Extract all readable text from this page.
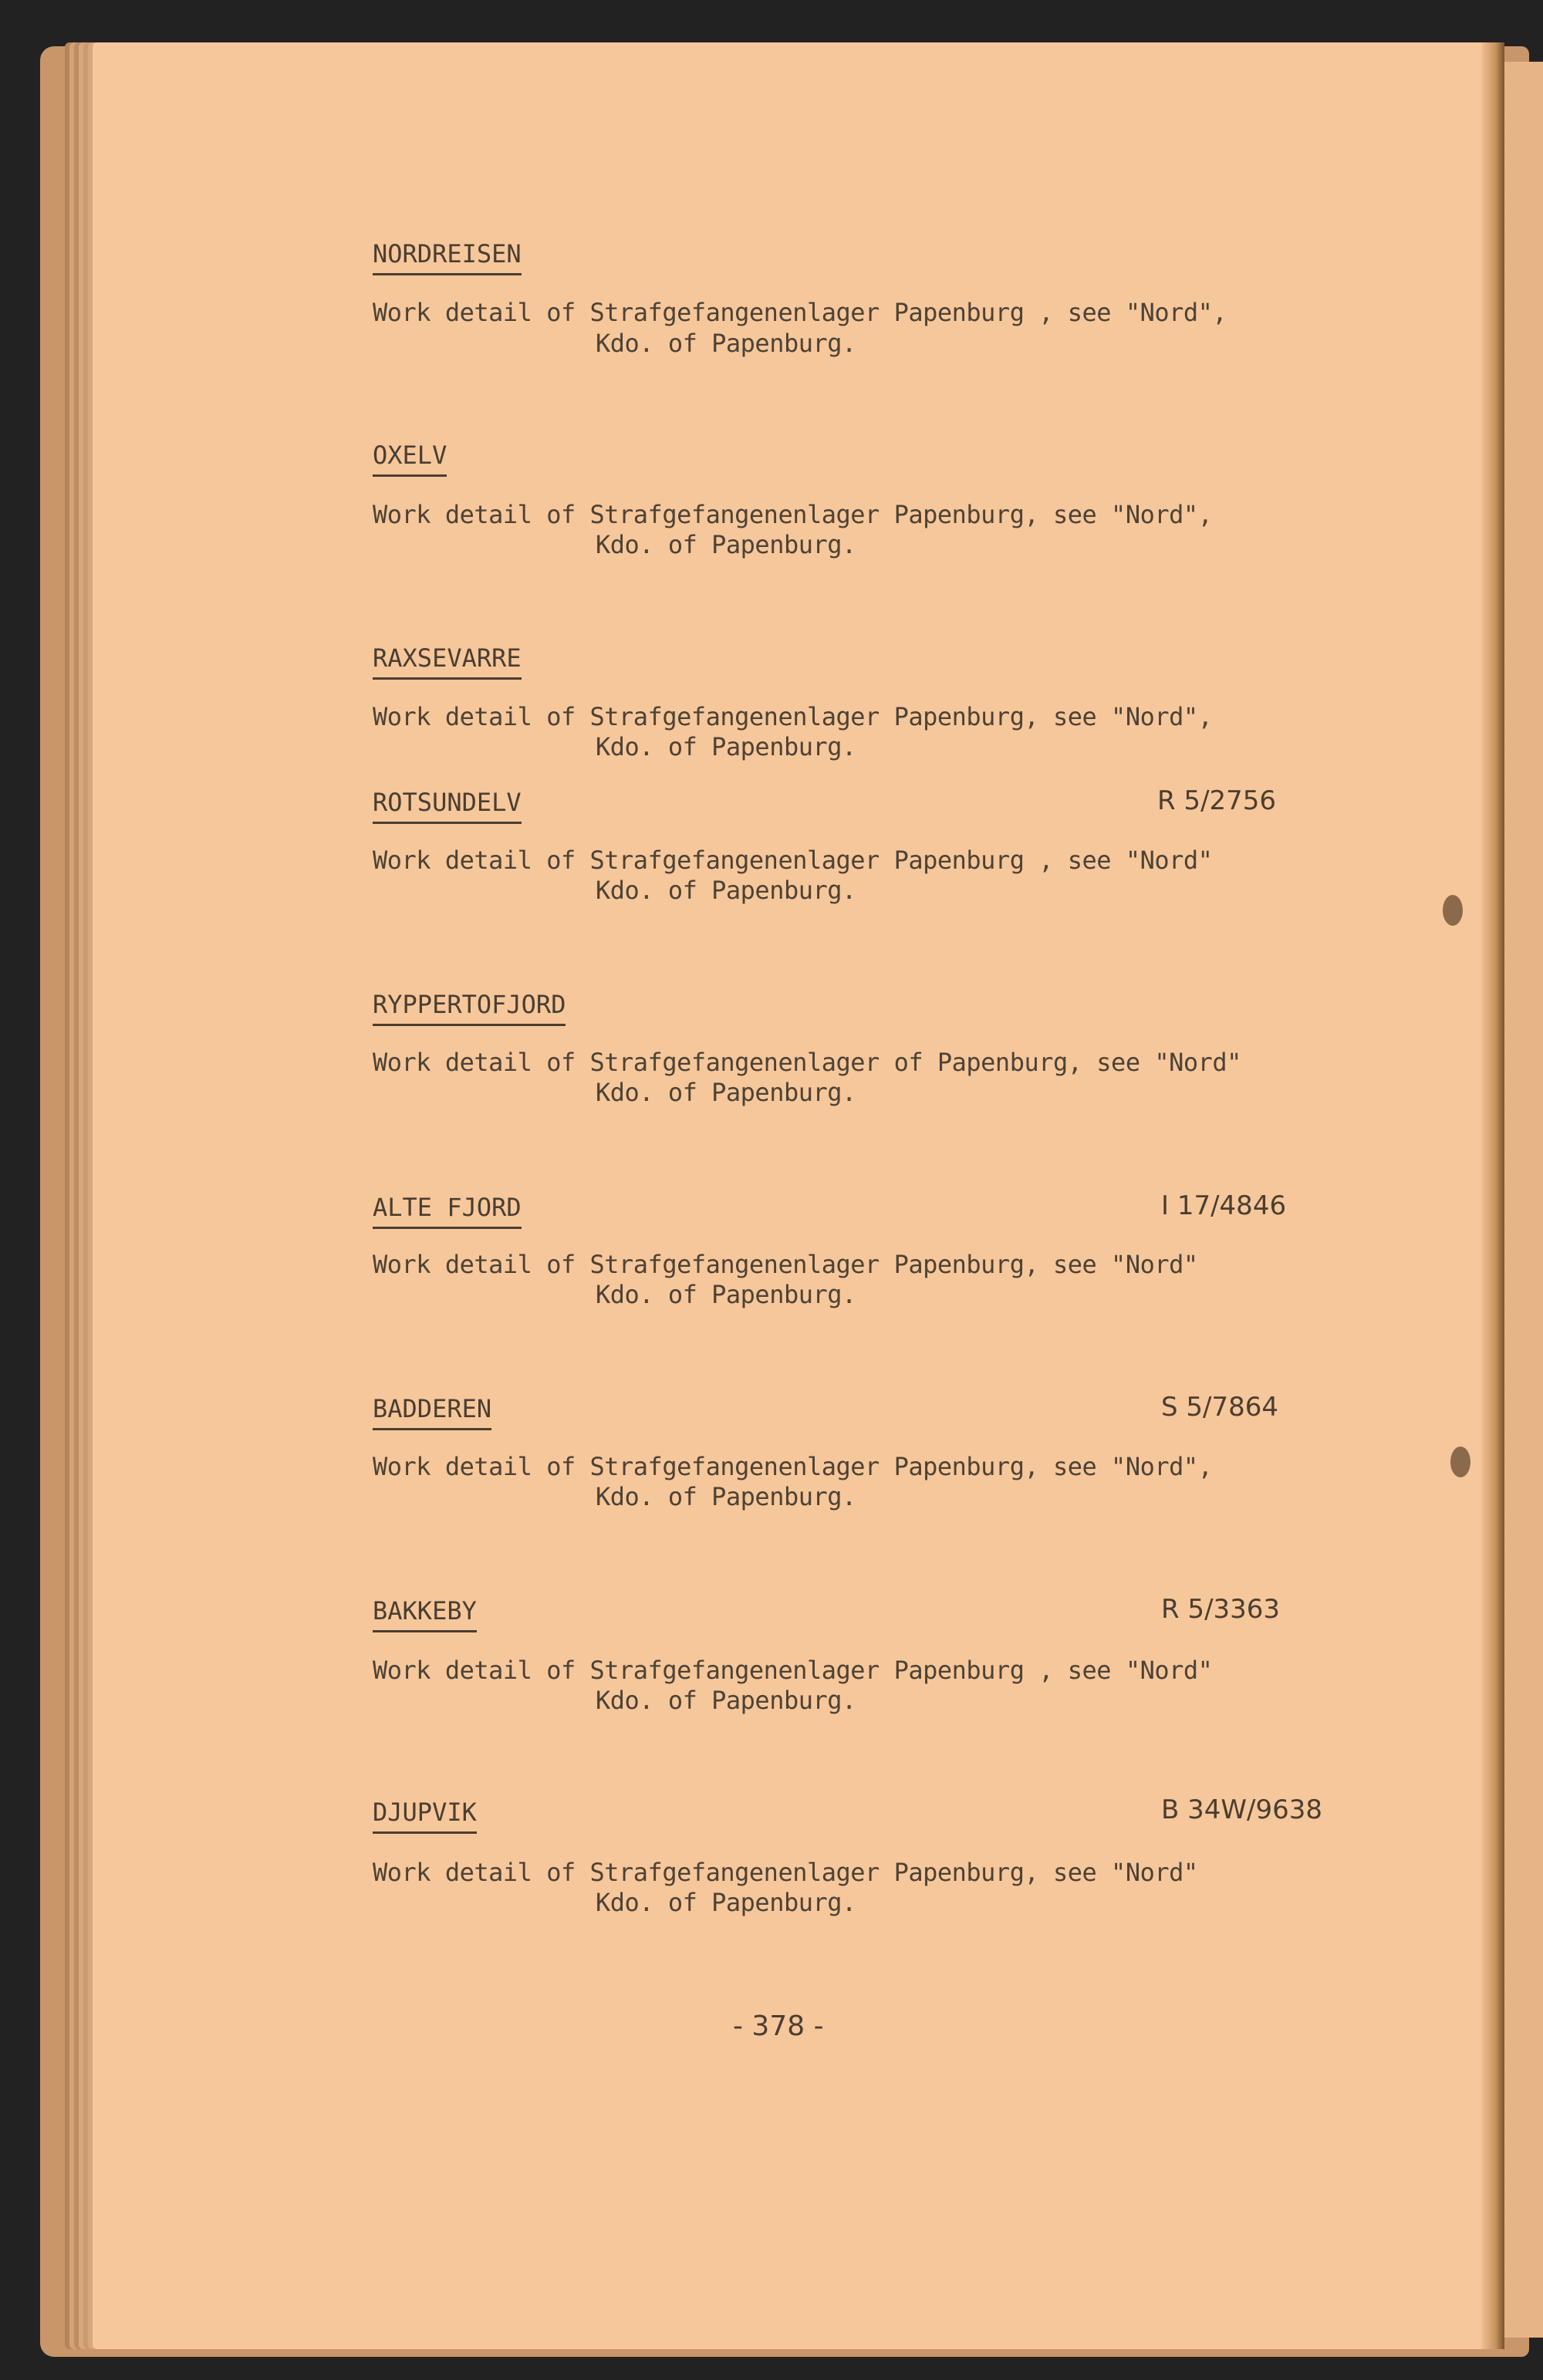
NORDREISEN
Work detail of Strafgefangenenlager Papenburg , see "Nord",
Kdo. of Papenburg.
OXELV
Work detail of Strafgefangenenlager Papenburg, see "Nord",
Kdo. of Papenburg.
RAXSEVARRE
Work detail of Strafgefangenenlager Papenburg, see "Nord",
Kdo. of Papenburg.
ROTSUNDELV	R 5/2756
Work detail of Strafgefangenenlager Papenburg , see "Nord"
Kdo. of Papenburg.
RYPPERTOFJORD
Work detail of Strafgefangenenlager of Papenburg, see "Nord"
Kdo. of Papenburg.
ALTE FJORD	I 17/4846
Work detail of Strafgefangenenlager Papenburg, see "Nord"
Kdo. of Papenburg.
BADDEREN	S 5/7864
Work detail of Strafgefangenenlager Papenburg, see "Nord",
Kdo. of Papenburg.
BAKKEBY	R 5/3363
Work detail of Strafgefangenenlager Papenburg , see "Nord"
Kdo. of Papenburg.
DJUPVIK	B 34W/9638
Work detail of Strafgefangenenlager Papenburg, see "Nord"
Kdo. of Papenburg.
- 378 -
